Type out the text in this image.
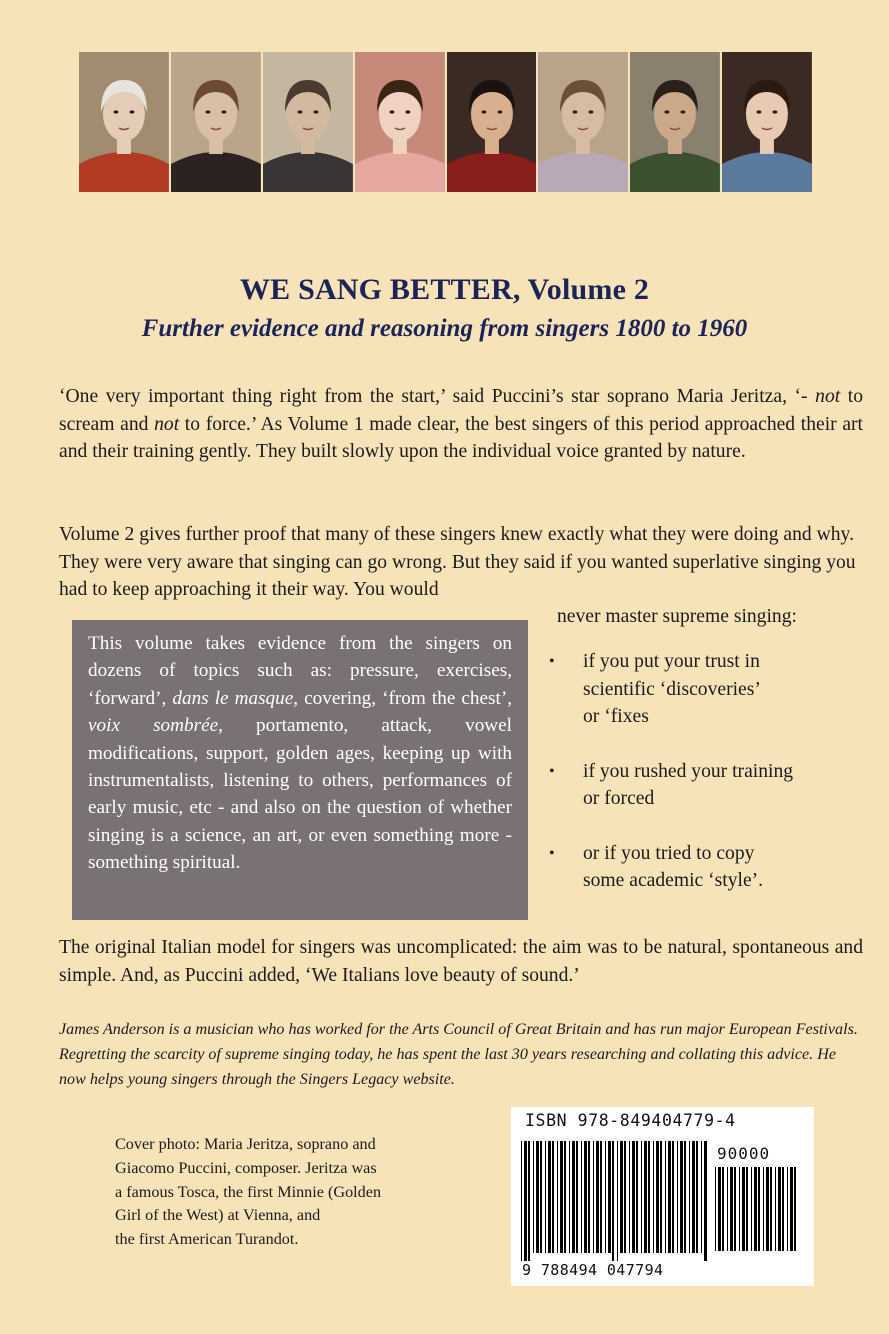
WE SANG BETTER, Volume 2
Further evidence and reasoning from singers 1800 to 1960
‘One very important thing right from the start,’ said Puccini’s star soprano Maria Jeritza, ‘- not to scream and not to force.’ As Volume 1 made clear, the best singers of this period approached their art and their training gently. They built slowly upon the individual voice granted by nature.
Volume 2 gives further proof that many of these singers knew exactly what they were doing and why. They were very aware that singing can go wrong. But they said if you wanted superlative singing you had to keep approaching it their way. You would
never master supreme singing:
This volume takes evidence from the singers on dozens of topics such as: pressure, exercises, ‘forward’, dans le masque, covering, ‘from the chest’, voix sombrée, portamento, attack, vowel modifications, support, golden ages, keeping up with instrumentalists, listening to others, performances of early music, etc - and also on the question of whether singing is a science, an art, or even something more - something spiritual.
•	if you put your trust in
scientific ‘discoveries’
or ‘fixes
•	if you rushed your training
or forced
•	or if you tried to copy
some academic ‘style’.
The original Italian model for singers was uncomplicated: the aim was to be natural, spontaneous and simple. And, as Puccini added, ‘We Italians love beauty of sound.’
James Anderson is a musician who has worked for the Arts Council of Great Britain and has run major European Festivals. Regretting the scarcity of supreme singing today, he has spent the last 30 years researching and collating this advice. He now helps young singers through the Singers Legacy website.
Cover photo: Maria Jeritza, soprano and
Giacomo Puccini, composer. Jeritza was
a famous Tosca, the first Minnie (Golden
Girl of the West) at Vienna, and
the first American Turandot.
ISBN 978-849404779-4
90000
9 788494 047794
